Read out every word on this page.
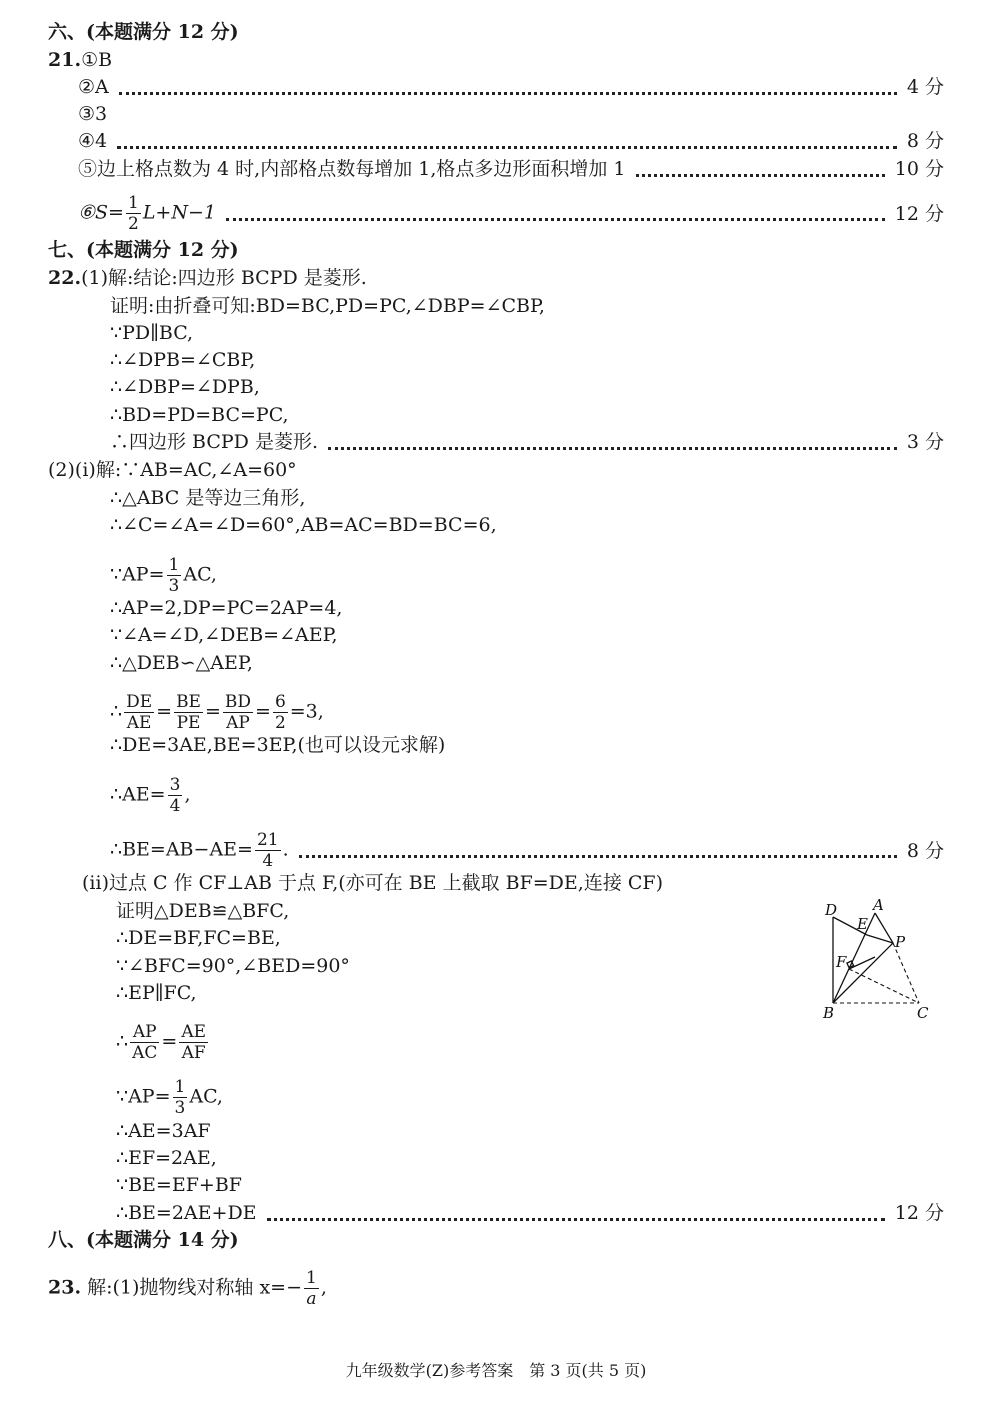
六、(本题满分 12 分)
21.①B
②A	4 分
③3
④4	8 分
⑤边上格点数为 4 时,内部格点数每增加 1,格点多边形面积增加 1	10 分
⑥S= $\frac{1}{2} L+N-1$	12 分
七、(本题满分 12 分)
22.(1)解:结论:四边形 BCPD 是菱形.
证明:由折叠可知:BD=BC,PD=PC,∠DBP=∠CBP,
∵PD∥BC,
∴∠DPB=∠CBP,
∴∠DBP=∠DPB,
∴BD=PD=BC=PC,
∴四边形 BCPD 是菱形.	3 分
(2)(i)解:∵AB=AC,∠A=60°
∴△ABC 是等边三角形,
∴∠C=∠A=∠D=60°,AB=AC=BD=BC=6,
∵AP= $\frac{1}{3}$ AC,
∴AP=2,DP=PC=2AP=4,
∵∠A=∠D,∠DEB=∠AEP,
∴△DEB∽△AEP,
∴ $\frac{DE}{AE} = \frac{BE}{PE} = \frac{BD}{AP} = \frac{6}{2} =3$,
∴DE=3AE,BE=3EP,(也可以设元求解)
∴AE= $\frac{3}{4}$ ,
∴BE=AB−AE= $\frac{21}{4}$ .	8 分
(ii)过点 C 作 CF⊥AB 于点 F,(亦可在 BE 上截取 BF=DE,连接 CF)
证明△DEB≌△BFC,
∴DE=BF,FC=BE,
∵∠BFC=90°,∠BED=90°
∴EP∥FC,
∴ $\frac{AP}{AC} = \frac{AE}{AF}$
∵AP= $\frac{1}{3}$ AC,
∴AE=3AF
∴EF=2AE,
∵BE=EF+BF
∴BE=2AE+DE	12 分
D A
E
P
F
B	C
八、(本题满分 14 分)
23. 解:(1)抛物线对称轴 $x=- \frac{1}{a}$ ,
九年级数学(Z)参考答案　第 3 页(共 5 页)
